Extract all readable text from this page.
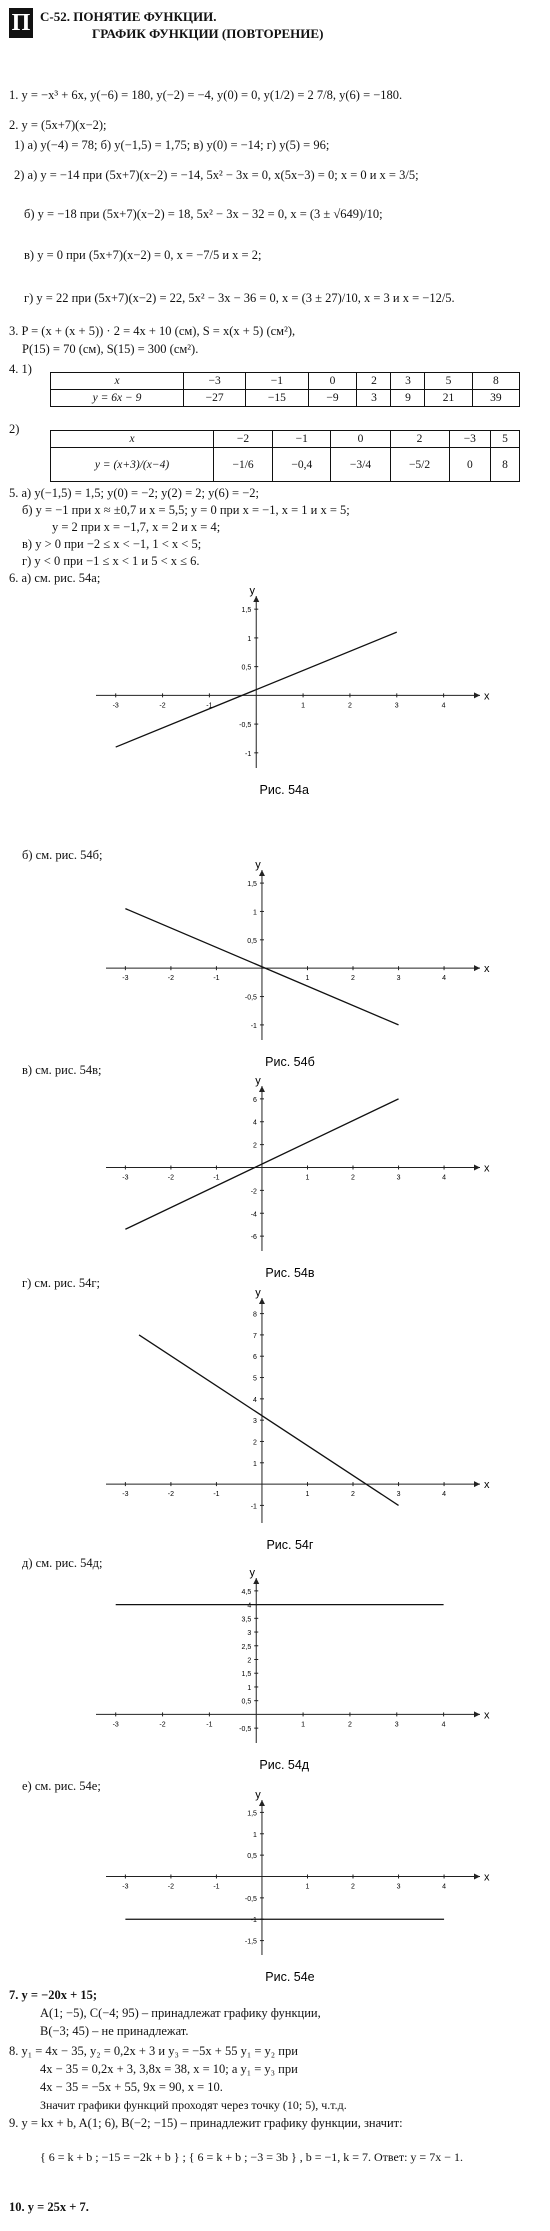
П С-52. ПОНЯТИЕ ФУНКЦИИ.
ГРАФИК ФУНКЦИИ (ПОВТОРЕНИЕ)
1. y = −x³ + 6x, y(−6) = 180, y(−2) = −4, y(0) = 0, y(1/2) = 2 7/8, y(6) = −180.
2. y = (5x+7)(x−2);
1) а) y(−4) = 78; б) y(−1,5) = 1,75; в) y(0) = −14; г) y(5) = 96;
2) а) y = −14 при (5x+7)(x−2) = −14, 5x² − 3x = 0, x(5x−3) = 0; x = 0 и x = 3/5;
б) y = −18 при (5x+7)(x−2) = 18, 5x² − 3x − 32 = 0, x = (3 ± √649)/10;
в) y = 0 при (5x+7)(x−2) = 0, x = −7/5 и x = 2;
г) y = 22 при (5x+7)(x−2) = 22, 5x² − 3x − 36 = 0, x = (3 ± 27)/10, x = 3 и x = −12/5.
3. P = (x + (x + 5)) · 2 = 4x + 10 (см), S = x(x + 5) (см²),
P(15) = 70 (см), S(15) = 300 (см²).
4. 1)
x	−3	−1	0	2	3	5	8
y = 6x − 9	−27	−15	−9	3	9	21	39
2)
x	−2	−1	0	2	−3	5
y = (x+3)/(x−4)	−1/6	−0,4	−3/4	−5/2	0	8
5. а) y(−1,5) = 1,5; y(0) = −2; y(2) = 2; y(6) = −2;
б) y = −1 при x ≈ ±0,7 и x = 5,5; y = 0 при x = −1, x = 1 и x = 5;
y = 2 при x = −1,7, x = 2 и x = 4;
в) y > 0 при −2 ≤ x < −1, 1 < x < 5;
г) y < 0 при −1 ≤ x < 1 и 5 < x ≤ 6.
6. а) см. рис. 54а;
x
y
-3	-2	-1	1	2	3	4
1,5
1
0,5
-0,5
-1
Рис. 54а
б) см. рис. 54б;
x
y
-3	-2	-1	1	2	3	4
1,5
1
0,5
-0,5
-1
Рис. 54б
в) см. рис. 54в;
x
y
-3	-2	-1	1	2	3	4
6
4
2
-2
-4
-6
Рис. 54в
г) см. рис. 54г;
x
y
-3	-2	-1	1	2	3	4
8
7
6
5
4
3
2
1
-1
Рис. 54г
д) см. рис. 54д;
x
y
-3	-2	-1	1	2	3	4
4,5
4
3,5
3
2,5
2
1,5
1
0,5
-0,5
Рис. 54д
е) см. рис. 54е;
x
y
-3	-2	-1	1	2	3	4
1,5
1
0,5
-0,5
-1
-1,5
Рис. 54е
7. y = −20x + 15;
A(1; −5), C(−4; 95) – принадлежат графику функции,
B(−3; 45) – не принадлежат.
8. y₁ = 4x − 35, y₂ = 0,2x + 3 и y₃ = −5x + 55 y₁ = y₂ при
4x − 35 = 0,2x + 3, 3,8x = 38, x = 10; а y₁ = y₃ при
4x − 35 = −5x + 55, 9x = 90, x = 10.
Значит графики функций проходят через точку (10; 5), ч.т.д.
9. y = kx + b, A(1; 6), B(−2; −15) – принадлежит графику функции, значит:
{ 6 = k + b ; −15 = −2k + b } ; { 6 = k + b ; −3 = 3b } , b = −1, k = 7. Ответ: y = 7x − 1.
10. y = 25x + 7.
